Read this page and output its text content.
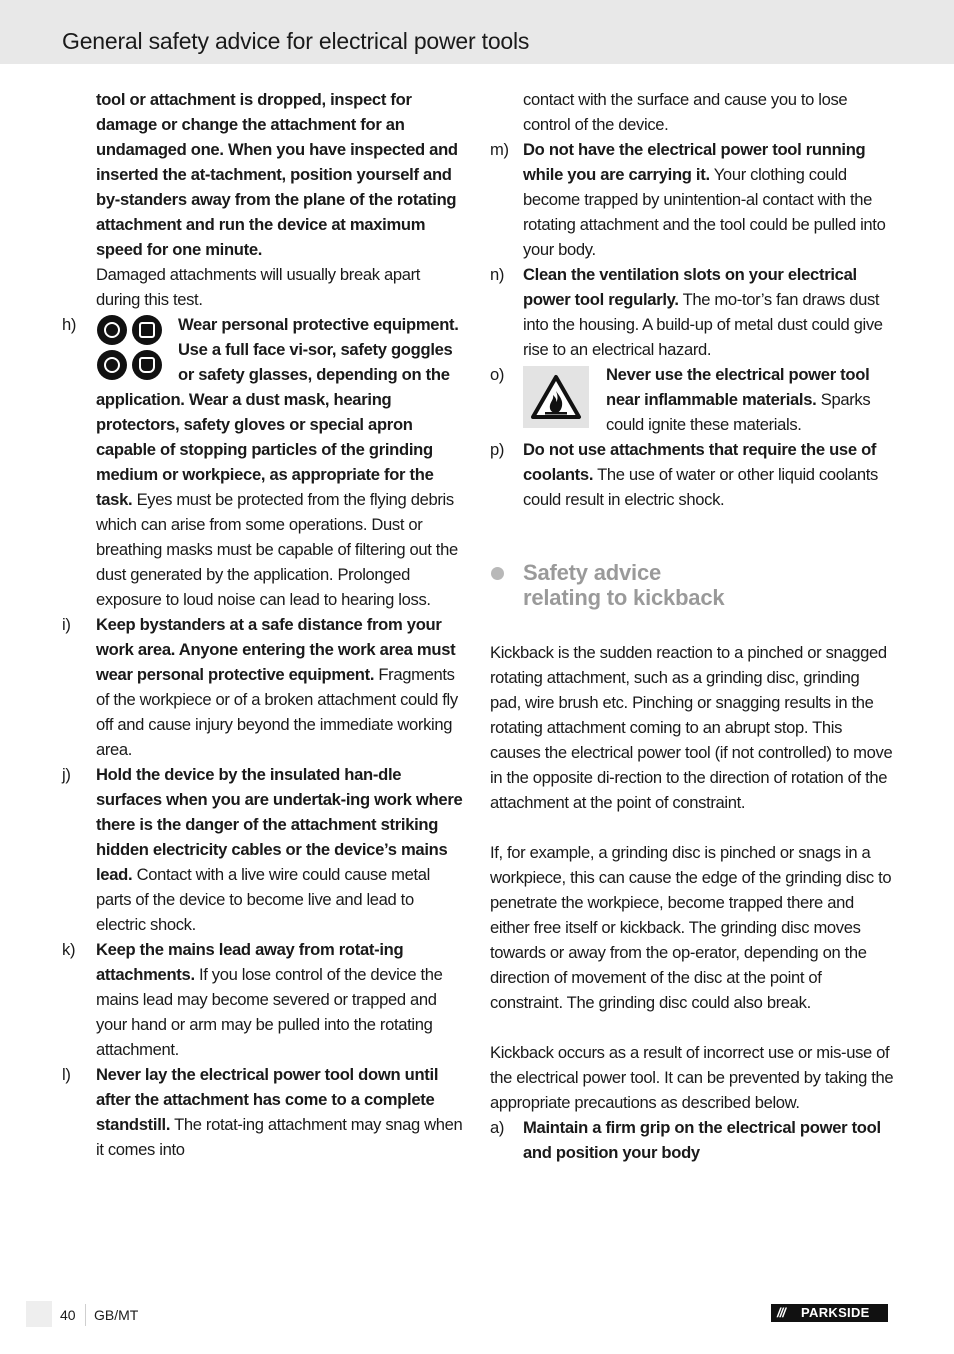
General safety advice for electrical power tools

tool or attachment is dropped, inspect for damage or change the attachment for an undamaged one. When you have inspected and inserted the at-tachment, position yourself and by-standers away from the plane of the rotating attachment and run the device at maximum speed for one minute.
Damaged attachments will usually break apart during this test.

h)	Wear personal protective equipment. Use a full face vi-sor, safety goggles or safety glasses, depending on the application. Wear a dust mask, hearing protectors, safety gloves or special apron capable of stopping particles of the grinding medium or workpiece, as appropriate for the task. Eyes must be protected from the flying debris which can arise from some operations. Dust or breathing masks must be capable of filtering out the dust generated by the application. Prolonged exposure to loud noise can lead to hearing loss.
i) Keep bystanders at a safe distance from your work area. Anyone entering the work area must wear personal protective equipment. Fragments of the workpiece or of a broken attachment could fly off and cause injury beyond the immediate working area.
j) Hold the device by the insulated han-dle surfaces when you are undertak-ing work where there is the danger of the attachment striking hidden electricity cables or the device’s mains lead. Contact with a live wire could cause metal parts of the device to become live and lead to electric shock.
k) Keep the mains lead away from rotat-ing attachments. If you lose control of the device the mains lead may become severed or trapped and your hand or arm may be pulled into the rotating attachment.
l) Never lay the electrical power tool down until after the attachment has come to a complete standstill. The rotat-ing attachment may snag when it comes into

contact with the surface and cause you to lose control of the device.

m) Do not have the electrical power tool running while you are carrying it. Your clothing could become trapped by unintention-al contact with the rotating attachment and the tool could be pulled into your body.
n) Clean the ventilation slots on your electrical power tool regularly. The mo-tor’s fan draws dust into the housing. A build-up of metal dust could give rise to an electrical hazard.
o)	Never use the electrical power tool near inflammable materials. Sparks could ignite these materials.
p) Do not use attachments that require the use of coolants. The use of water or other liquid coolants could result in electric shock.
Safety advice
relating to kickback

Kickback is the sudden reaction to a pinched or snagged rotating attachment, such as a grinding disc, grinding pad, wire brush etc. Pinching or snagging results in the rotating attachment coming to an abrupt stop. This causes the electrical power tool (if not controlled) to move in the opposite di-rection to the direction of rotation of the attachment at the point of constraint.

If, for example, a grinding disc is pinched or snags in a workpiece, this can cause the edge of the grinding disc to penetrate the workpiece, become trapped there and either free itself or kickback. The grinding disc moves towards or away from the op-erator, depending on the direction of movement of the disc at the point of constraint. The grinding disc could also break.

Kickback occurs as a result of incorrect use or mis-use of the electrical power tool. It can be prevented by taking the appropriate precautions as described below.

a) Maintain a firm grip on the electrical power tool and position your body
40 GB/MT	/// PARKSIDE
